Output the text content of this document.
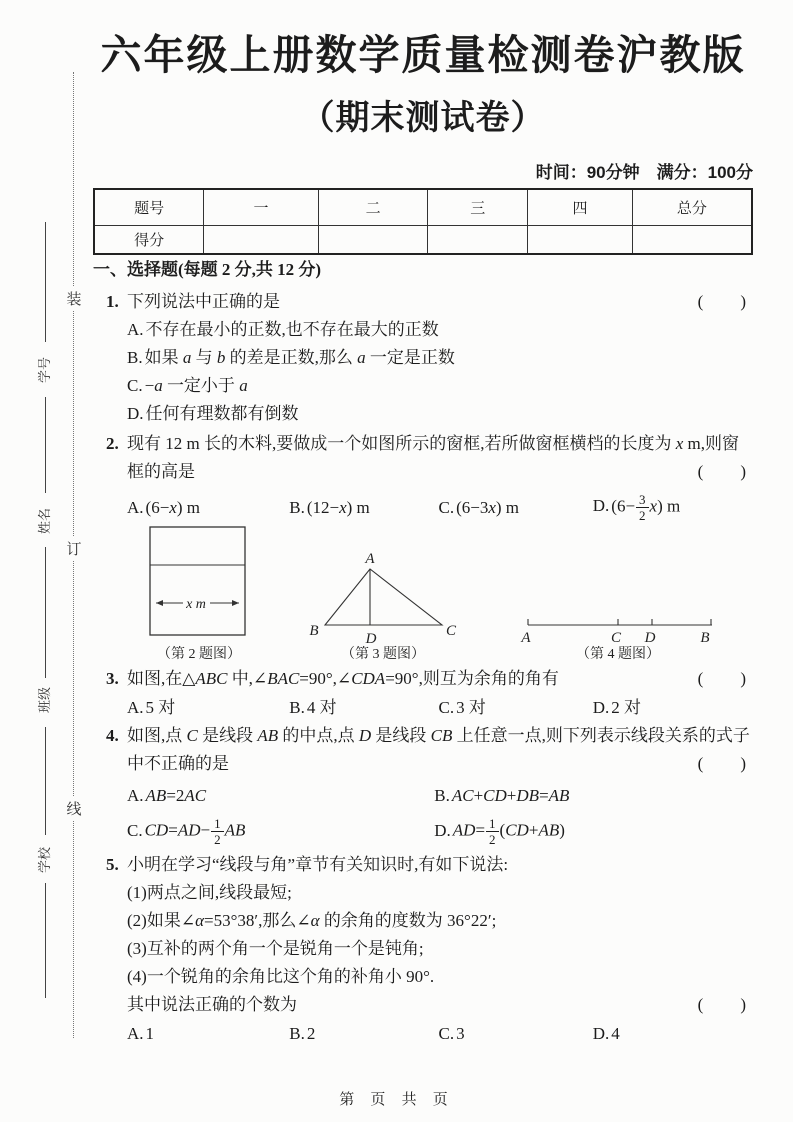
装
订
线
学号
姓名
班级
学校
六年级上册数学质量检测卷沪教版
（期末测试卷）
时间：90分钟　满分：100分
题号	一	二	三	四	总分
得分					
一、选择题(每题 2 分,共 12 分)
1. 下列说法中正确的是	(　　)
A. 不存在最小的正数,也不存在最大的正数
B. 如果 a 与 b 的差是正数,那么 a 一定是正数
C. −a 一定小于 a
D. 任何有理数都有倒数
2. 现有 12 m 长的木料,要做成一个如图所示的窗框,若所做窗框横档的长度为 x m,则窗框的高是	(　　)
A. (6−x) m	B. (12−x) m	C. (6−3x) m	D. $(6- \frac{3}{2} x)$ m
x m
（第 2 题图）
A
B	C
D
（第 3 题图）
A	C D	B
（第 4 题图）
3. 如图,在△ABC 中,∠BAC=90°,∠CDA=90°,则互为余角的角有	(　　)
A. 5 对	B. 4 对	C. 3 对	D. 2 对
4. 如图,点 C 是线段 AB 的中点,点 D 是线段 CB 上任意一点,则下列表示线段关系的式子中不正确的是	(　　)
A. AB=2AC	B. AC+CD+DB=AB
C. $CD=AD- \frac{1}{2}$ AB	D. $AD= \frac{1}{2} (CD+AB)$
5. 小明在学习“线段与角”章节有关知识时,有如下说法:
(1)两点之间,线段最短;
(2)如果∠α=53°38′,那么∠α 的余角的度数为 36°22′;
(3)互补的两个角一个是锐角一个是钝角;
(4)一个锐角的余角比这个角的补角小 90°.
其中说法正确的个数为	(　　)
A. 1	B. 2	C. 3	D. 4
第 页 共 页
